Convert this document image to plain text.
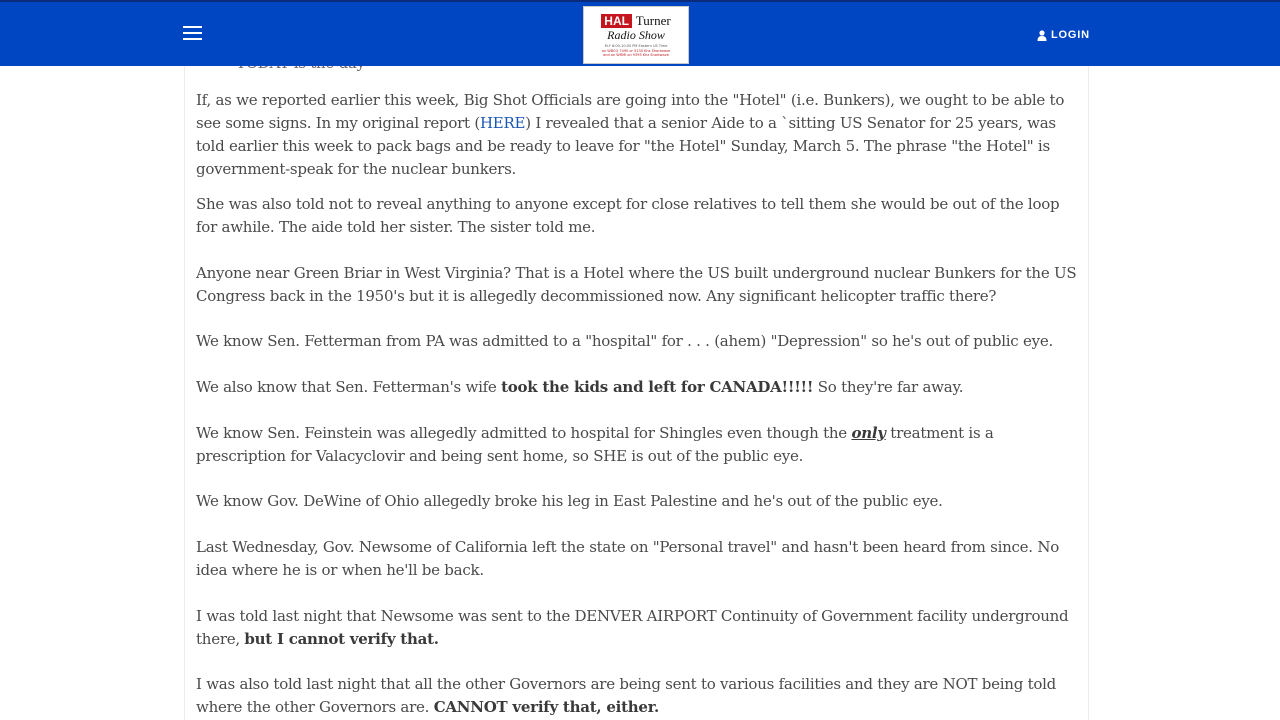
HAL Turner
Radio Show
M-F 8:00-10:00 PM Eastern US Time
on WBCQ 7490 or 5130 Khz Shortwave
and on WRMI on 9395 Khz Shortwave
LOGIN

If, as we reported earlier this week, Big Shot Officials are going into the "Hotel" (i.e. Bunkers), we ought to be able to see some signs. In my original report (HERE) I revealed that a senior Aide to a `sitting US Senator for 25 years, was told earlier this week to pack bags and be ready to leave for "the Hotel" Sunday, March 5. The phrase "the Hotel" is government-speak for the nuclear bunkers.

She was also told not to reveal anything to anyone except for close relatives to tell them she would be out of the loop for awhile. The aide told her sister. The sister told me.

Anyone near Green Briar in West Virginia? That is a Hotel where the US built underground nuclear Bunkers for the US Congress back in the 1950's but it is allegedly decommissioned now. Any significant helicopter traffic there?

We know Sen. Fetterman from PA was admitted to a "hospital" for . . . (ahem) "Depression" so he's out of public eye.

We also know that Sen. Fetterman's wife took the kids and left for CANADA!!!!! So they're far away.

We know Sen. Feinstein was allegedly admitted to hospital for Shingles even though the only treatment is a prescription for Valacyclovir and being sent home, so SHE is out of the public eye.

We know Gov. DeWine of Ohio allegedly broke his leg in East Palestine and he's out of the public eye.

Last Wednesday, Gov. Newsome of California left the state on "Personal travel" and hasn't been heard from since. No idea where he is or when he'll be back.

I was told last night that Newsome was sent to the DENVER AIRPORT Continuity of Government facility underground there, but I cannot verify that.

I was also told last night that all the other Governors are being sent to various facilities and they are NOT being told where the other Governors are. CANNOT verify that, either.
